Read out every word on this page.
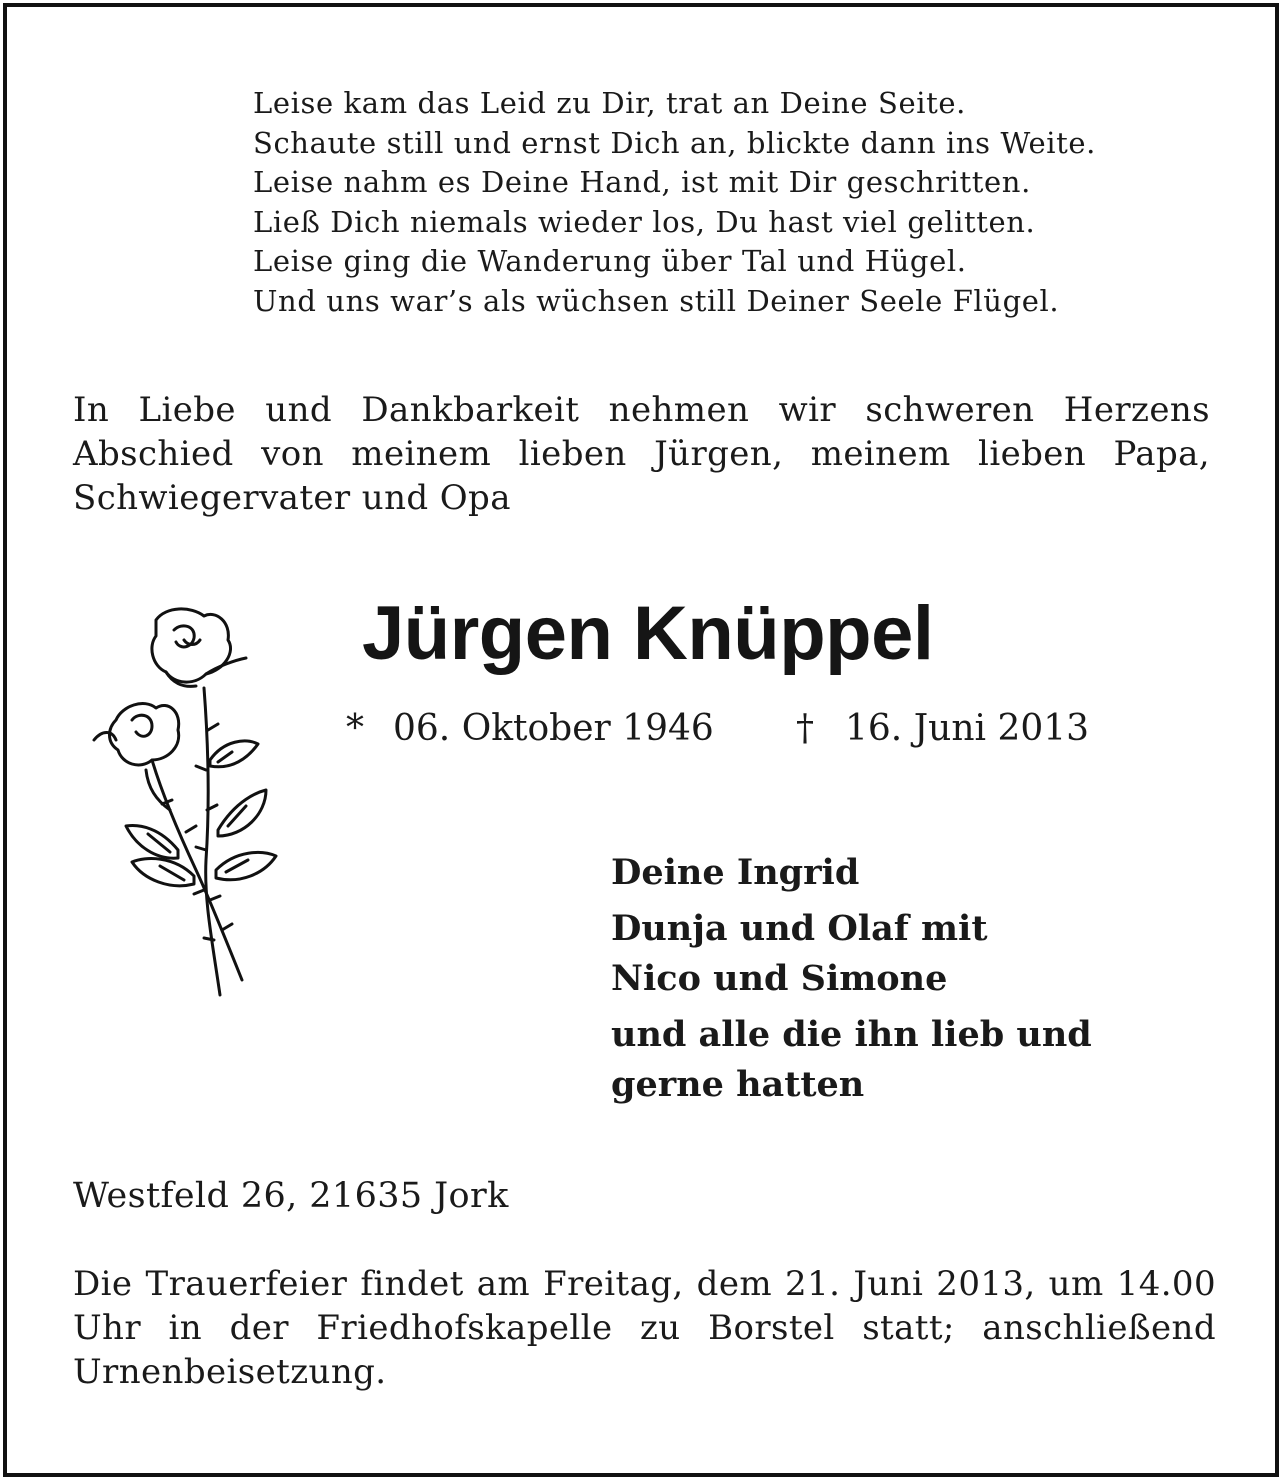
Leise kam das Leid zu Dir, trat an Deine Seite.
Schaute still und ernst Dich an, blickte dann ins Weite.
Leise nahm es Deine Hand, ist mit Dir geschritten.
Ließ Dich niemals wieder los, Du hast viel gelitten.
Leise ging die Wanderung über Tal und Hügel.
Und uns war’s als wüchsen still Deiner Seele Flügel.
In Liebe und Dankbarkeit nehmen wir schweren Herzens Abschied von meinem lieben Jürgen, meinem lieben Papa, Schwiegervater und Opa
Jürgen Knüppel
* 06. Oktober 1946 † 16. Juni 2013
Deine Ingrid
Dunja und Olaf mit
Nico und Simone
und alle die ihn lieb und
gerne hatten
Westfeld 26, 21635 Jork
Die Trauerfeier findet am Freitag, dem 21. Juni 2013, um 14.00 Uhr in der Friedhofskapelle zu Borstel statt; anschließend Urnenbeisetzung.
